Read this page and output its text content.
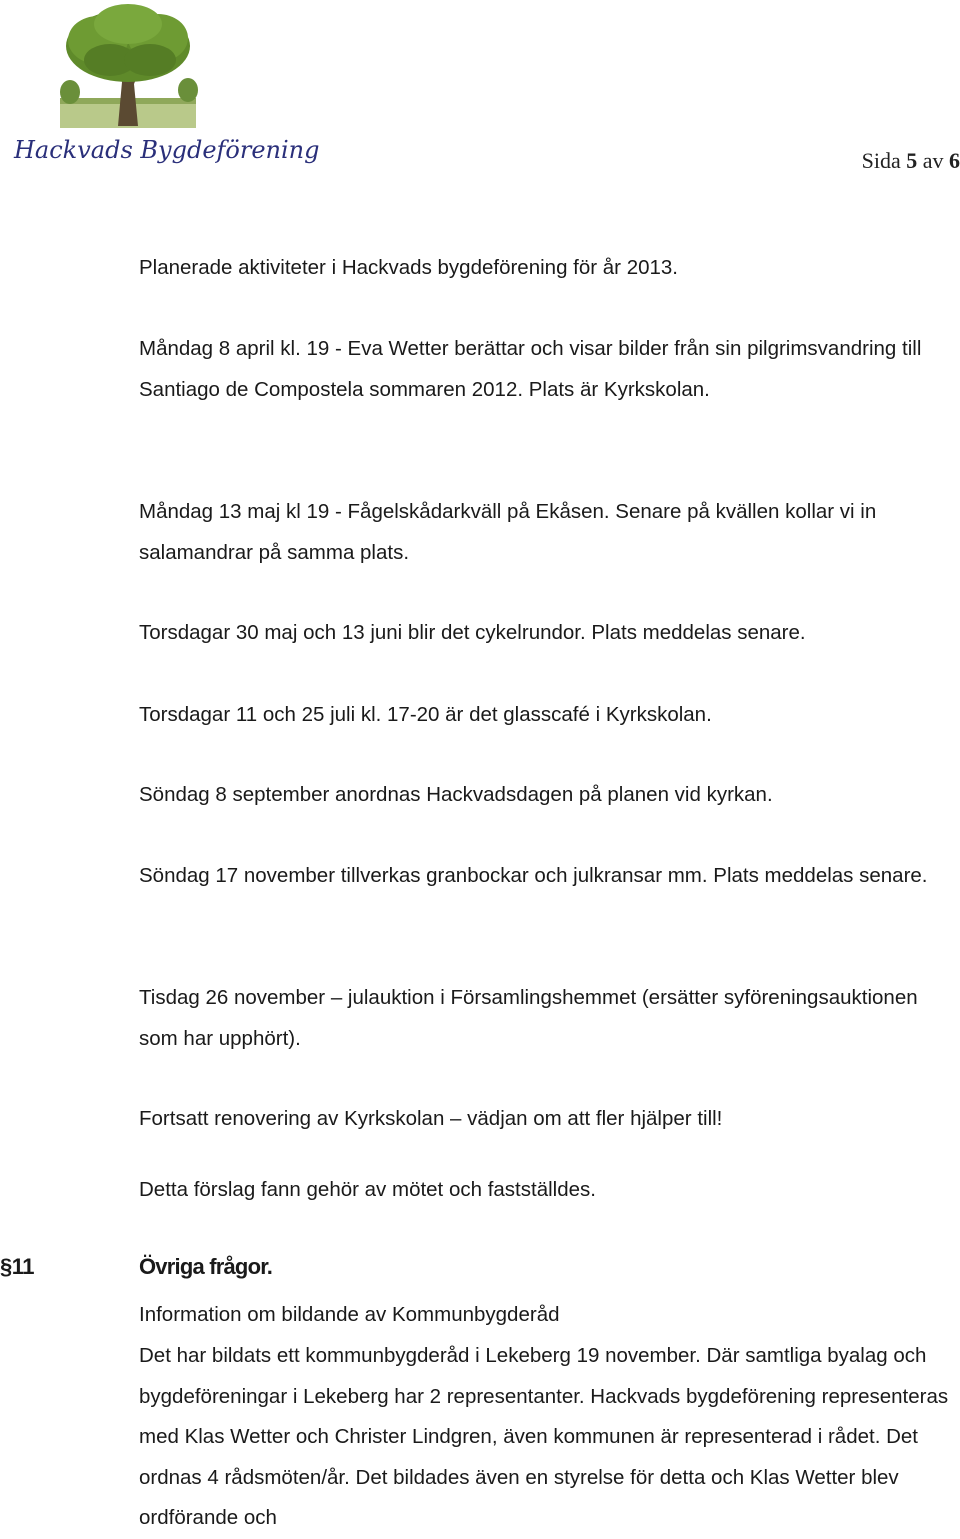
Hackvads Bygdeförening	Sida 5 av 6

Planerade aktiviteter i Hackvads bygdeförening för år 2013.

Måndag 8 april kl. 19 - Eva Wetter berättar och visar bilder från sin pilgrimsvandring till Santiago de Compostela sommaren 2012. Plats är Kyrkskolan.

Måndag 13 maj kl 19 - Fågelskådarkväll på Ekåsen. Senare på kvällen kollar vi in salamandrar på samma plats.

Torsdagar 30 maj och 13 juni blir det cykelrundor. Plats meddelas senare.

Torsdagar 11 och 25 juli kl. 17-20 är det glasscafé i Kyrkskolan.

Söndag 8 september anordnas Hackvadsdagen på planen vid kyrkan.

Söndag 17 november tillverkas granbockar och julkransar mm. Plats meddelas senare.

Tisdag 26 november – julauktion i Församlingshemmet (ersätter syföreningsauktionen som har upphört).

Fortsatt renovering av Kyrkskolan – vädjan om att fler hjälper till!

Detta förslag fann gehör av mötet och fastställdes.

§11	Övriga frågor.

Information om bildande av Kommunbygderåd

Det har bildats ett kommunbygderåd i Lekeberg 19 november. Där samtliga byalag och bygdeföreningar i Lekeberg har 2 representanter. Hackvads bygdeförening representeras med Klas Wetter och Christer Lindgren, även kommunen är representerad i rådet. Det ordnas 4 rådsmöten/år. Det bildades även en styrelse för detta och Klas Wetter blev ordförande och
